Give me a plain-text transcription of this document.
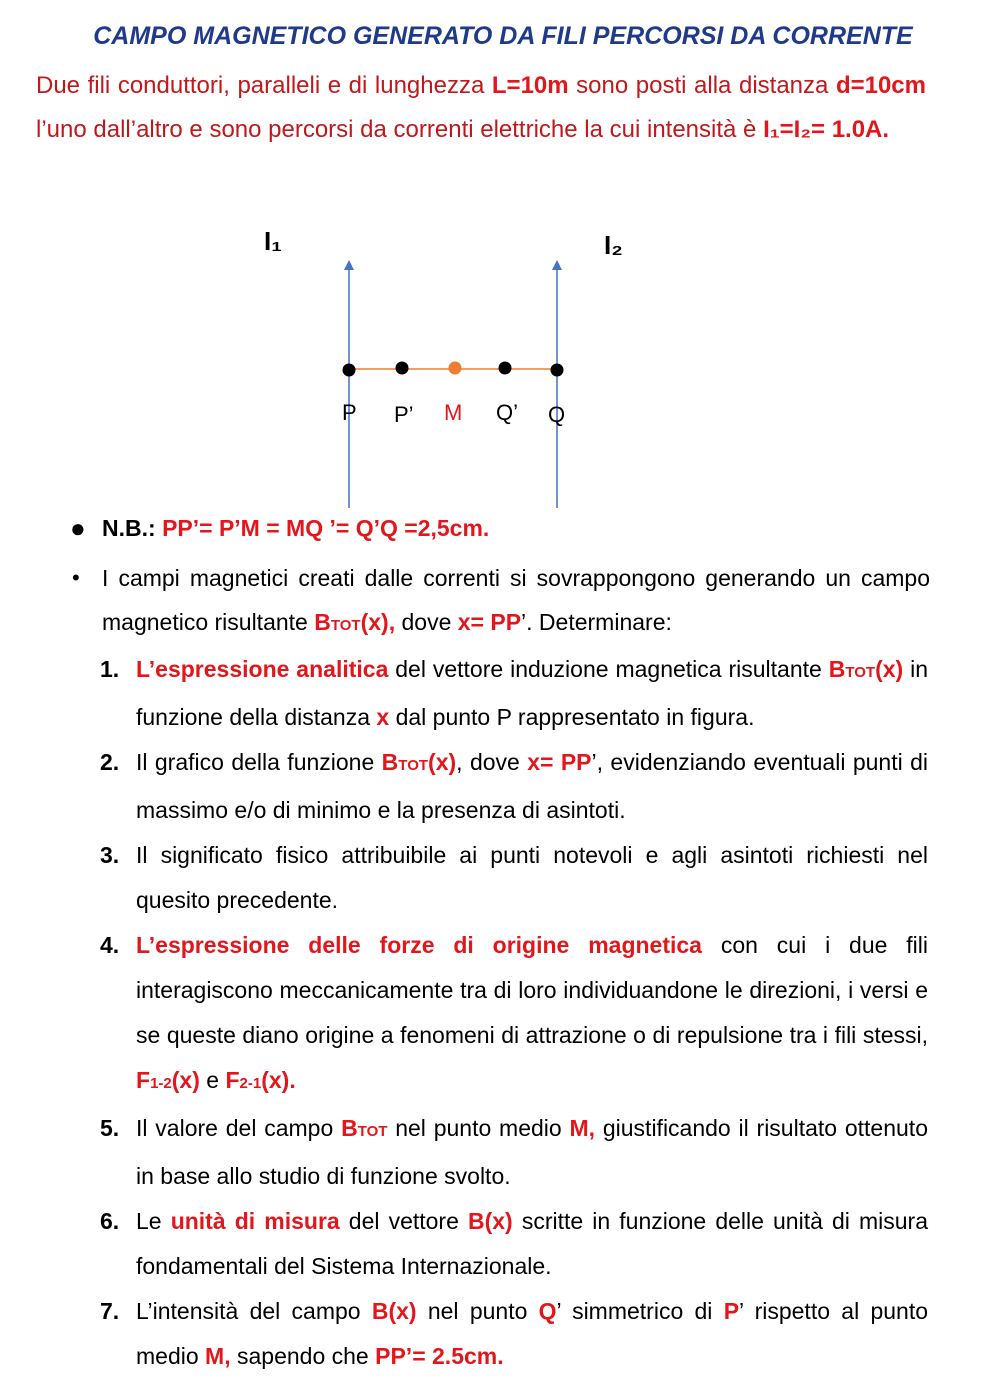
CAMPO MAGNETICO GENERATO DA FILI PERCORSI DA CORRENTE
Due fili conduttori, paralleli e di lunghezza L=10m sono posti alla distanza d=10cm l’uno dall’altro e sono percorsi da correnti elettriche la cui intensità è I₁=I₂= 1.0A.
I₁	I₂
P P’ M Q’ Q
● N.B.: PP’= P’M = MQ ’= Q’Q =2,5cm.
• I campi magnetici creati dalle correnti si sovrappongono generando un campo magnetico risultante BTOT(x), dove x= PP’. Determinare:
1. L’espressione analitica del vettore induzione magnetica risultante BTOT(x) in funzione della distanza x dal punto P rappresentato in figura.
2. Il grafico della funzione BTOT(x), dove x= PP’, evidenziando eventuali punti di massimo e/o di minimo e la presenza di asintoti.
3. Il significato fisico attribuibile ai punti notevoli e agli asintoti richiesti nel quesito precedente.
4. L’espressione delle forze di origine magnetica con cui i due fili interagiscono meccanicamente tra di loro individuandone le direzioni, i versi e se queste diano origine a fenomeni di attrazione o di repulsione tra i fili stessi, F1-2(x) e F2-1(x).
5. Il valore del campo BTOT nel punto medio M, giustificando il risultato ottenuto in base allo studio di funzione svolto.
6. Le unità di misura del vettore B(x) scritte in funzione delle unità di misura fondamentali del Sistema Internazionale.
7. L’intensità del campo B(x) nel punto Q’ simmetrico di P’ rispetto al punto medio M, sapendo che PP’= 2.5cm.
